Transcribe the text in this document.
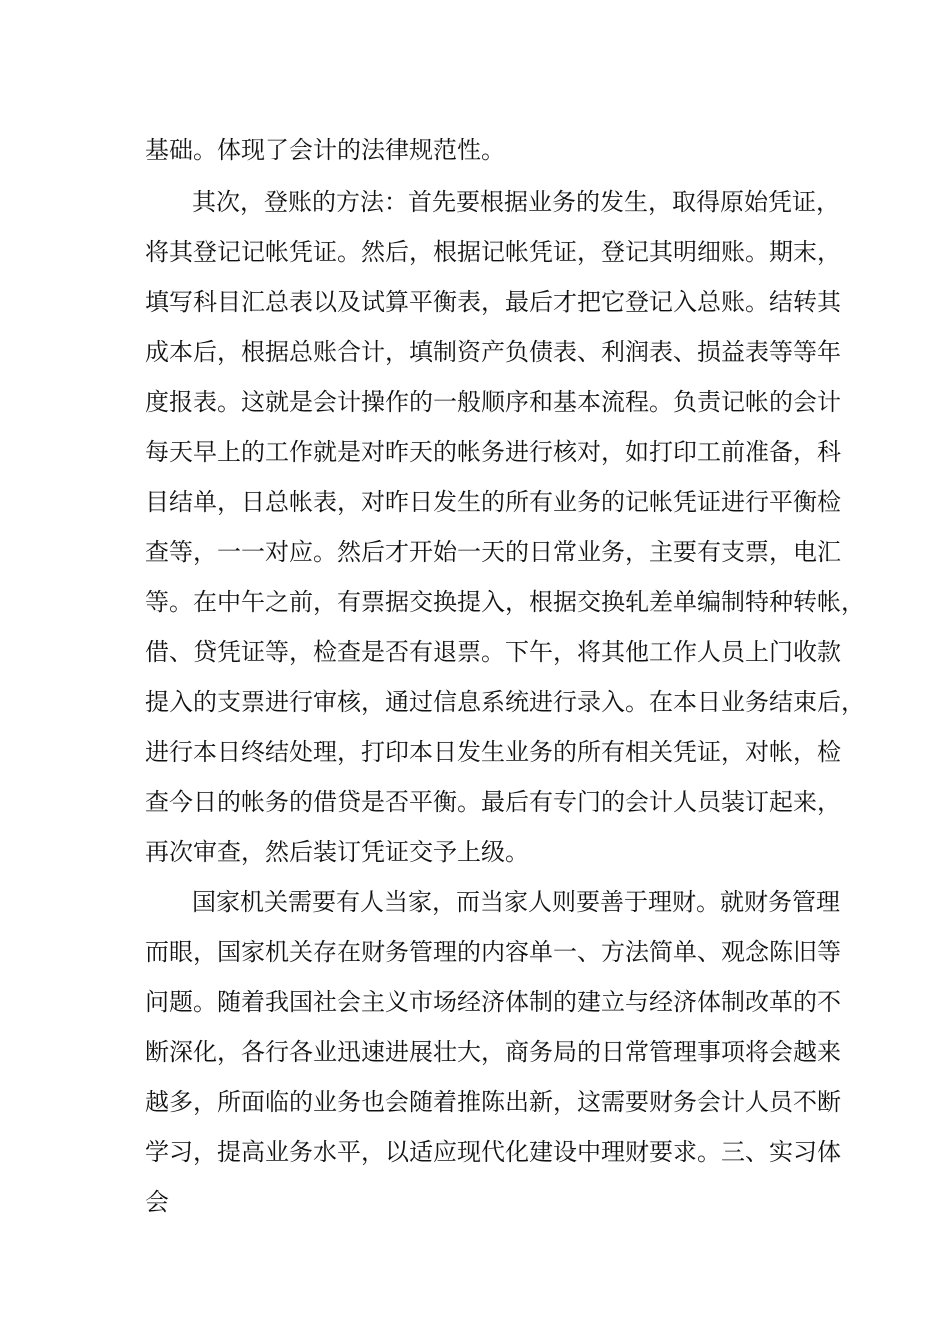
基础。体现了会计的法律规范性。
其次，登账的方法：首先要根据业务的发生，取得原始凭证，
将其登记记帐凭证。然后，根据记帐凭证，登记其明细账。期末，
填写科目汇总表以及试算平衡表，最后才把它登记入总账。结转其
成本后，根据总账合计，填制资产负债表、利润表、损益表等等年
度报表。这就是会计操作的一般顺序和基本流程。负责记帐的会计
每天早上的工作就是对昨天的帐务进行核对，如打印工前准备，科
目结单，日总帐表，对昨日发生的所有业务的记帐凭证进行平衡检
查等，一一对应。然后才开始一天的日常业务，主要有支票，电汇
等。在中午之前，有票据交换提入，根据交换轧差单编制特种转帐，
借、贷凭证等，检查是否有退票。下午，将其他工作人员上门收款
提入的支票进行审核，通过信息系统进行录入。在本日业务结束后，
进行本日终结处理，打印本日发生业务的所有相关凭证，对帐，检
查今日的帐务的借贷是否平衡。最后有专门的会计人员装订起来，
再次审查，然后装订凭证交予上级。
国家机关需要有人当家，而当家人则要善于理财。就财务管理
而眼，国家机关存在财务管理的内容单一、方法简单、观念陈旧等
问题。随着我国社会主义市场经济体制的建立与经济体制改革的不
断深化，各行各业迅速进展壮大，商务局的日常管理事项将会越来
越多，所面临的业务也会随着推陈出新，这需要财务会计人员不断
学习，提高业务水平，以适应现代化建设中理财要求。三、实习体
会
